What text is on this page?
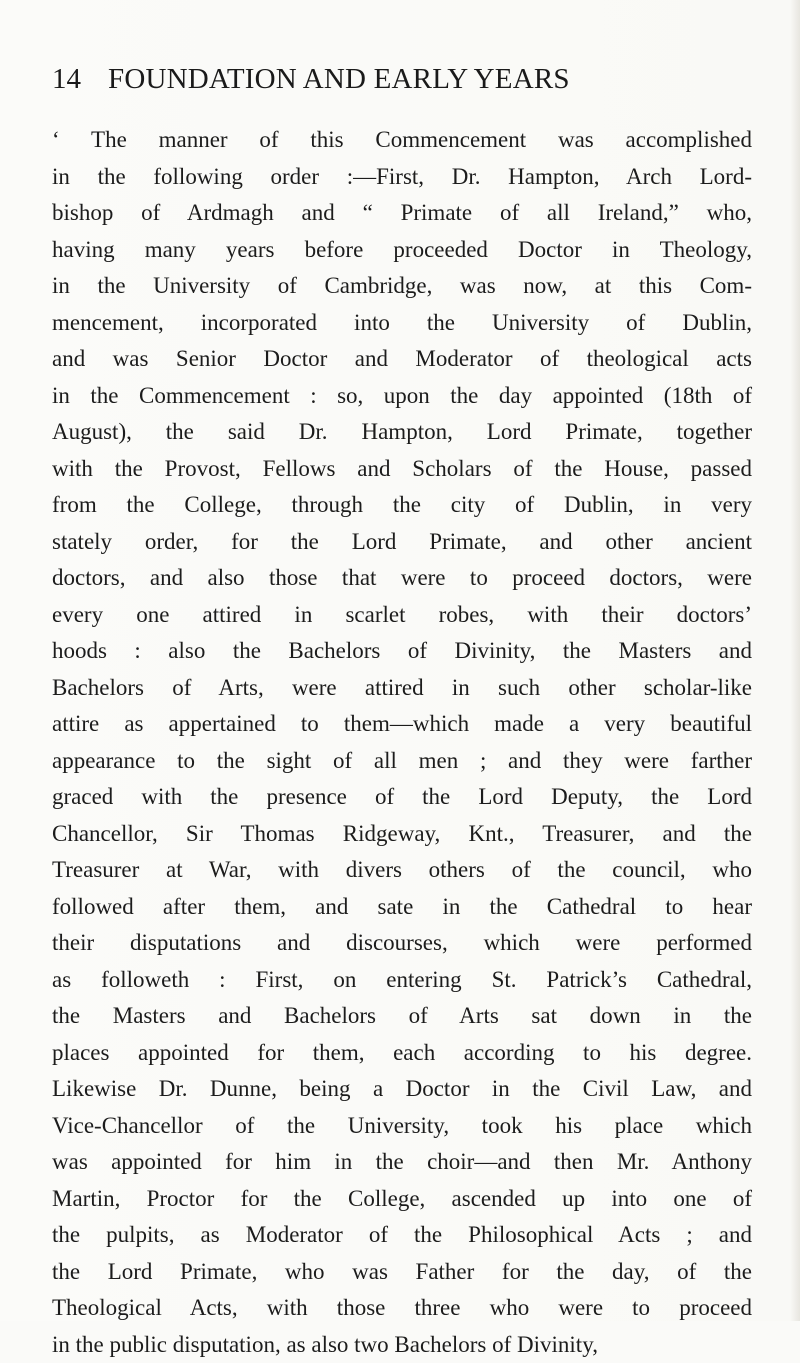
14 FOUNDATION AND EARLY YEARS
‘ The manner of this Commencement was accomplished
in the following order :—First, Dr. Hampton, Arch Lord-
bishop of Ardmagh and “ Primate of all Ireland,” who,
having many years before proceeded Doctor in Theology,
in the University of Cambridge, was now, at this Com-
mencement, incorporated into the University of Dublin,
and was Senior Doctor and Moderator of theological acts
in the Commencement : so, upon the day appointed (18th of
August), the said Dr. Hampton, Lord Primate, together
with the Provost, Fellows and Scholars of the House, passed
from the College, through the city of Dublin, in very
stately order, for the Lord Primate, and other ancient
doctors, and also those that were to proceed doctors, were
every one attired in scarlet robes, with their doctors’
hoods : also the Bachelors of Divinity, the Masters and
Bachelors of Arts, were attired in such other scholar-like
attire as appertained to them—which made a very beautiful
appearance to the sight of all men ; and they were farther
graced with the presence of the Lord Deputy, the Lord
Chancellor, Sir Thomas Ridgeway, Knt., Treasurer, and the
Treasurer at War, with divers others of the council, who
followed after them, and sate in the Cathedral to hear
their disputations and discourses, which were performed
as followeth : First, on entering St. Patrick’s Cathedral,
the Masters and Bachelors of Arts sat down in the
places appointed for them, each according to his degree.
Likewise Dr. Dunne, being a Doctor in the Civil Law, and
Vice-Chancellor of the University, took his place which
was appointed for him in the choir—and then Mr. Anthony
Martin, Proctor for the College, ascended up into one of
the pulpits, as Moderator of the Philosophical Acts ; and
the Lord Primate, who was Father for the day, of the
Theological Acts, with those three who were to proceed
in the public disputation, as also two Bachelors of Divinity,
